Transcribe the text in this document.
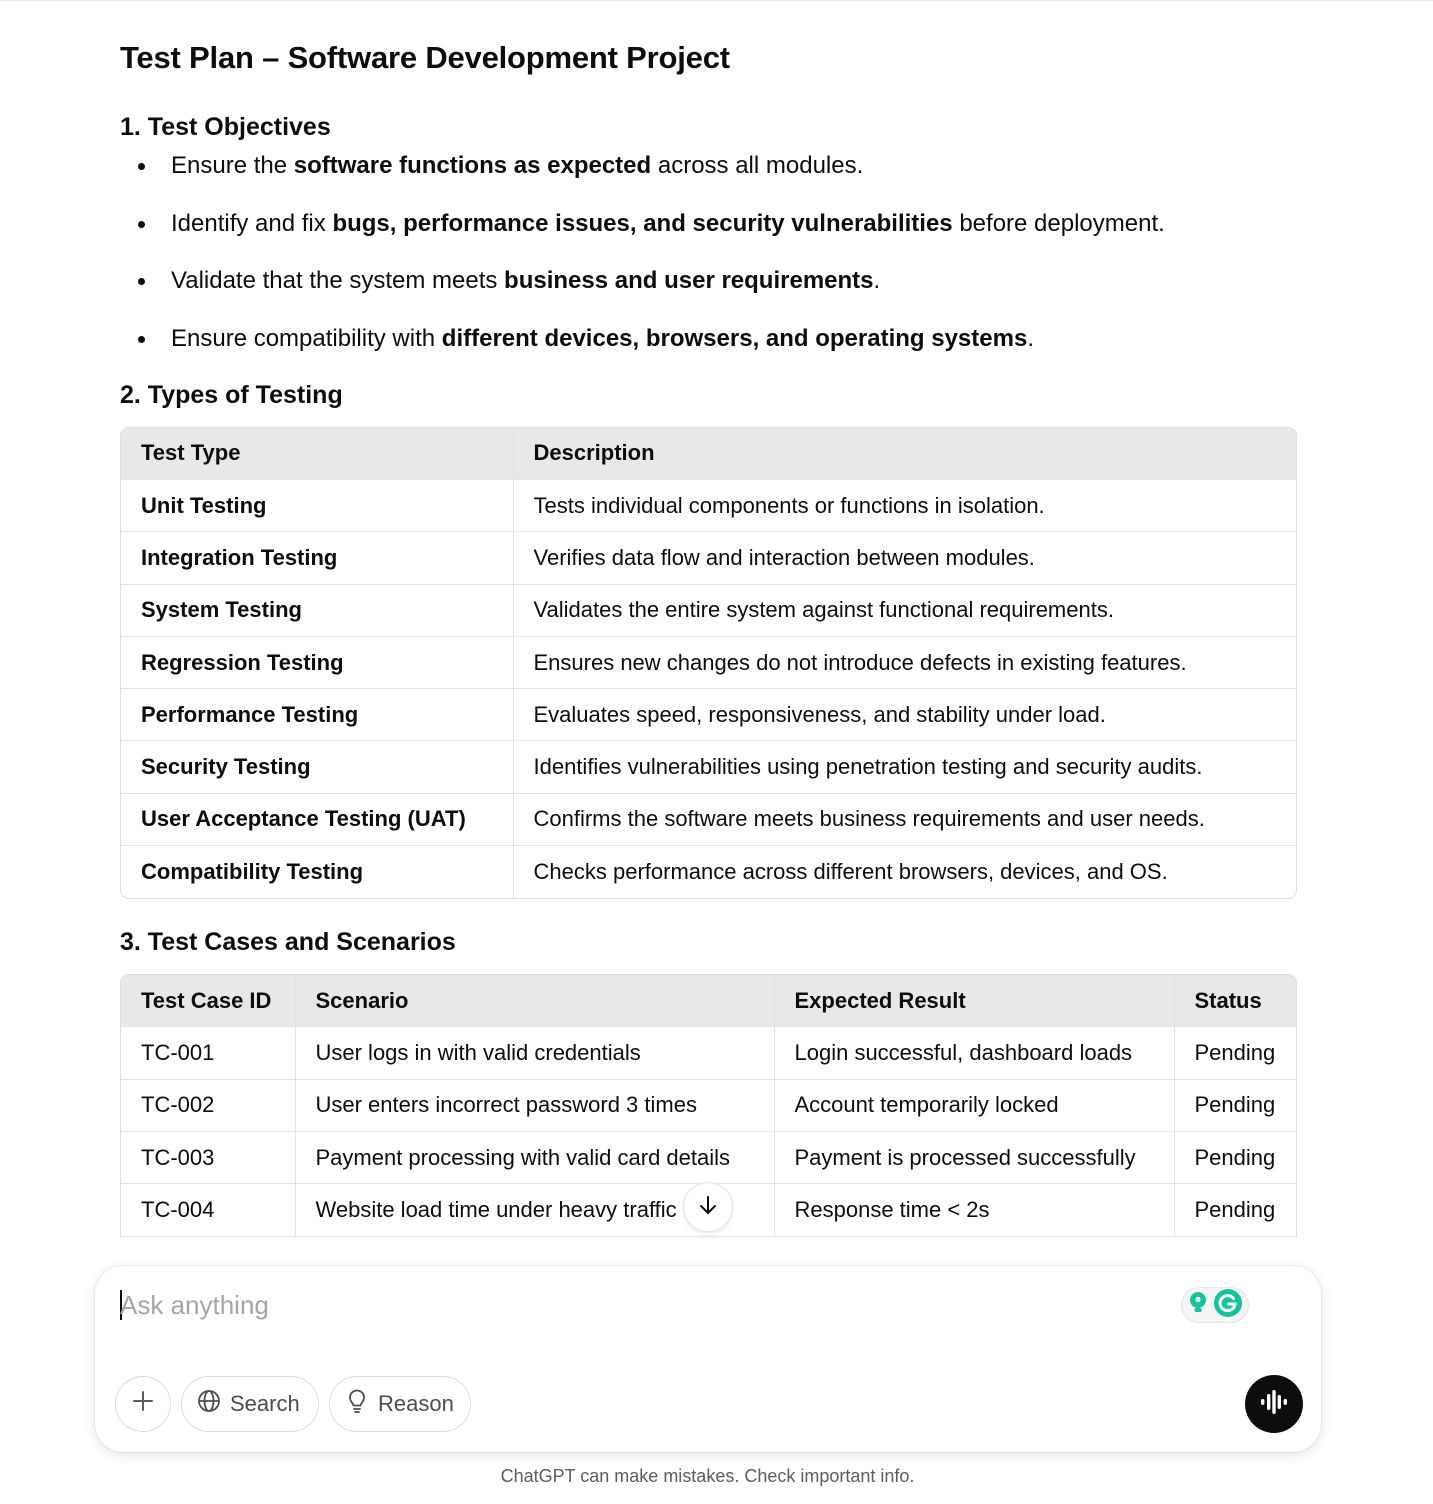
Test Plan – Software Development Project
1. Test Objectives
Ensure the software functions as expected across all modules.
Identify and fix bugs, performance issues, and security vulnerabilities before deployment.
Validate that the system meets business and user requirements.
Ensure compatibility with different devices, browsers, and operating systems.
2. Types of Testing
Test Type	Description
Unit Testing	Tests individual components or functions in isolation.
Integration Testing	Verifies data flow and interaction between modules.
System Testing	Validates the entire system against functional requirements.
Regression Testing	Ensures new changes do not introduce defects in existing features.
Performance Testing	Evaluates speed, responsiveness, and stability under load.
Security Testing	Identifies vulnerabilities using penetration testing and security audits.
User Acceptance Testing (UAT)	Confirms the software meets business requirements and user needs.
Compatibility Testing	Checks performance across different browsers, devices, and OS.
3. Test Cases and Scenarios
Test Case ID	Scenario	Expected Result	Status
TC-001	User logs in with valid credentials	Login successful, dashboard loads	Pending
TC-002	User enters incorrect password 3 times	Account temporarily locked	Pending
TC-003	Payment processing with valid card details	Payment is processed successfully	Pending
TC-004	Website load time under heavy traffic	Response time < 2s	Pending
Ask anything
Search	Reason
ChatGPT can make mistakes. Check important info.
